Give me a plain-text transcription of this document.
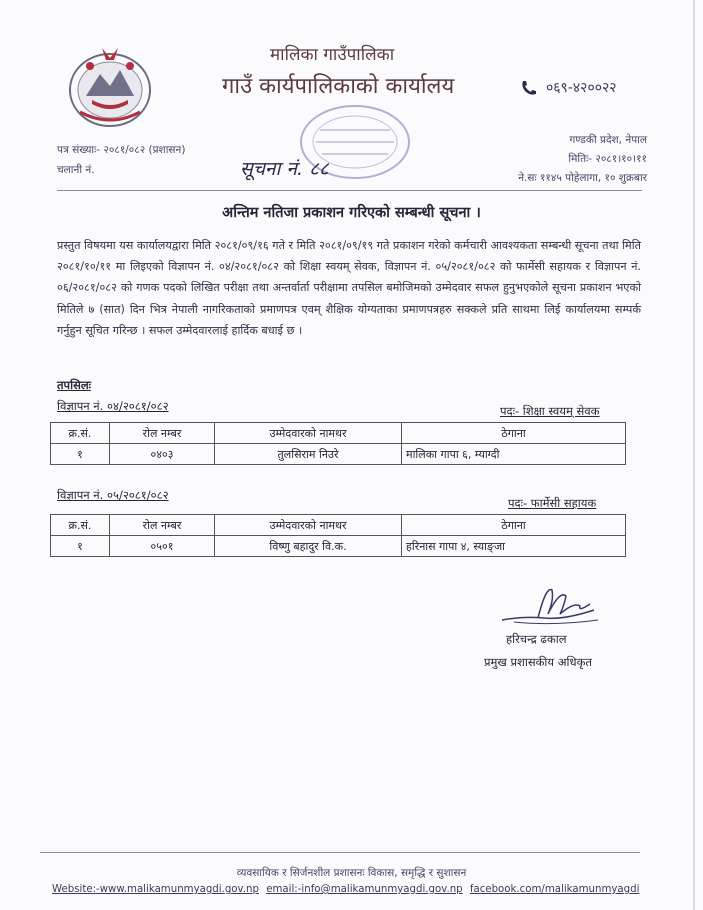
मालिका गाउँपालिका
गाउँ कार्यपालिकाको कार्यालय	०६९-४२००२२
पत्र संख्याः- २०८१/०८२ (प्रशासन)
चलानी नं.	सूचना नं. ८८
गण्डकी प्रदेश, नेपाल
मितिः- २०८१।१०।११
ने.सः ११४५ पोहेलागा, १० शुक्रबार
अन्तिम नतिजा प्रकाशन गरिएको सम्बन्धी सूचना ।
प्रस्तुत विषयमा यस कार्यालयद्वारा मिति २०८१/०९/१६ गते र मिति २०८१/०९/१९ गते प्रकाशन गरेको कर्मचारी आवश्यकता सम्बन्धी सूचना तथा मिति २०८१/१०/११ मा लिइएको विज्ञापन नं. ०४/२०८१/०८२ को शिक्षा स्वयम् सेवक, विज्ञापन नं. ०५/२०८१/०८२ को फार्मेसी सहायक र विज्ञापन नं. ०६/२०८१/०८२ को गणक पदको लिखित परीक्षा तथा अन्तर्वार्ता परीक्षामा तपसिल बमोजिमको उम्मेदवार सफल हुनुभएकोले सूचना प्रकाशन भएको मितिले ७ (सात) दिन भित्र नेपाली नागरिकताको प्रमाणपत्र एवम् शैक्षिक योग्यताका प्रमाणपत्रहरु सक्कले प्रति साथमा लिई कार्यालयमा सम्पर्क गर्नुहुन सूचित गरिन्छ । सफल उम्मेदवारलाई हार्दिक बधाई छ ।
तपसिलः
विज्ञापन नं. ०४/२०८१/०८२	पदः- शिक्षा स्वयम् सेवक
क्र.सं.	रोल नम्बर	उम्मेदवारको नामथर	ठेगाना
१	०४०३	तुलसिराम निउरे	मालिका गापा ६, म्याग्दी
विज्ञापन नं. ०५/२०८१/०८२
पदः- फार्मेसी सहायक
क्र.सं.	रोल नम्बर	उम्मेदवारको नामथर	ठेगाना
१	०५०१	विष्णु बहादुर वि.क.	हरिनास गापा ४, स्याङ्जा
हरिचन्द्र ढकाल
प्रमुख प्रशासकीय अधिकृत
व्यवसायिक र सिर्जनशील प्रशासनः विकास, समृद्धि र सुशासन
Website:-www.malikamunmyagdi.gov.np email:-info@malikamunmyagdi.gov.np facebook.com/malikamunmyagdi
